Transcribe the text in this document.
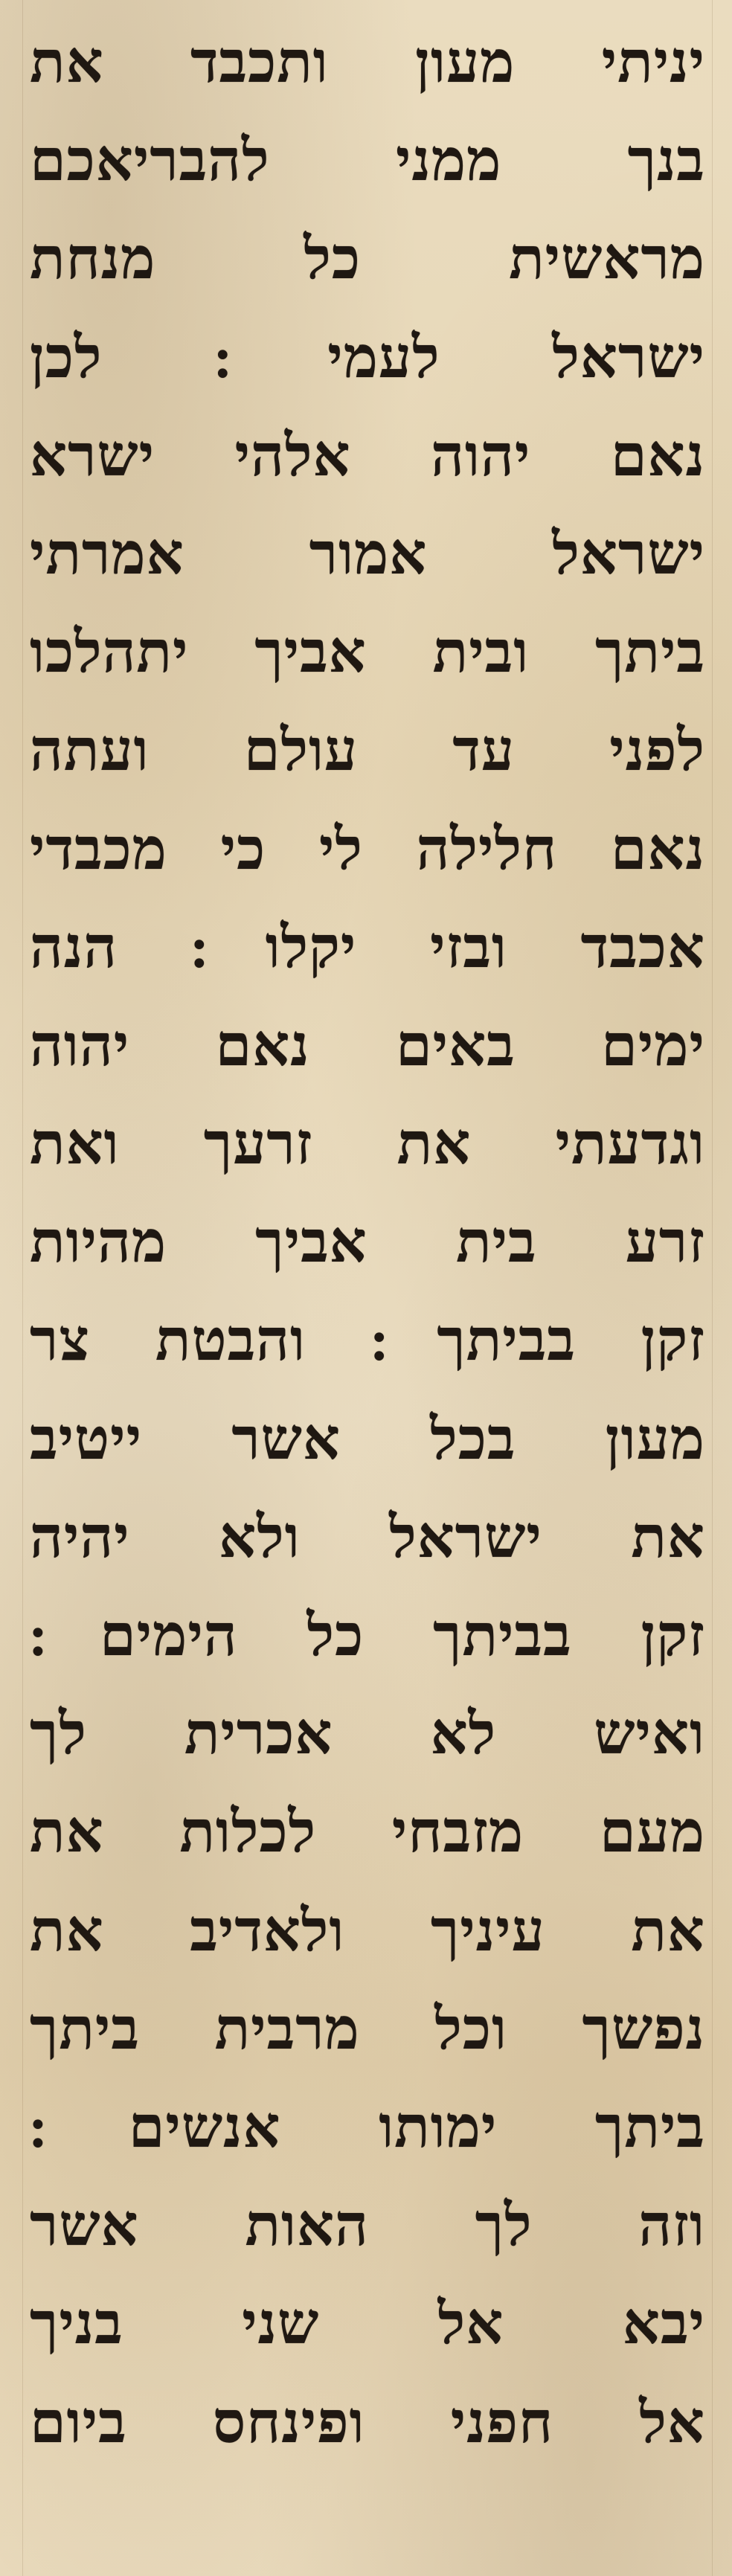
יניתי מעון ותכבד את
בנך ממני להבריאכם
מראשית כל מנחת
ישראל לעמי ׃ לכן
נאם יהוה אלהי ישרא
ישראל אמור אמרתי
ביתך ובית אביך יתהלכו
לפני עד עולם ועתה
נאם חלילה לי כי מכבדי
אכבד ובזי יקלו ׃ הנה
ימים באים נאם יהוה
וגדעתי את זרעך ואת
זרע בית אביך מהיות
זקן בביתך ׃ והבטת צר
מעון בכל אשר ייטיב
את ישראל ולא יהיה
זקן בביתך כל הימים ׃
ואיש לא אכרית לך
מעם מזבחי לכלות את
את עיניך ולאדיב את
נפשך וכל מרבית ביתך
ביתך ימותו אנשים ׃
וזה לך האות אשר
יבא אל שני בניך
אל חפני ופינחס ביום
